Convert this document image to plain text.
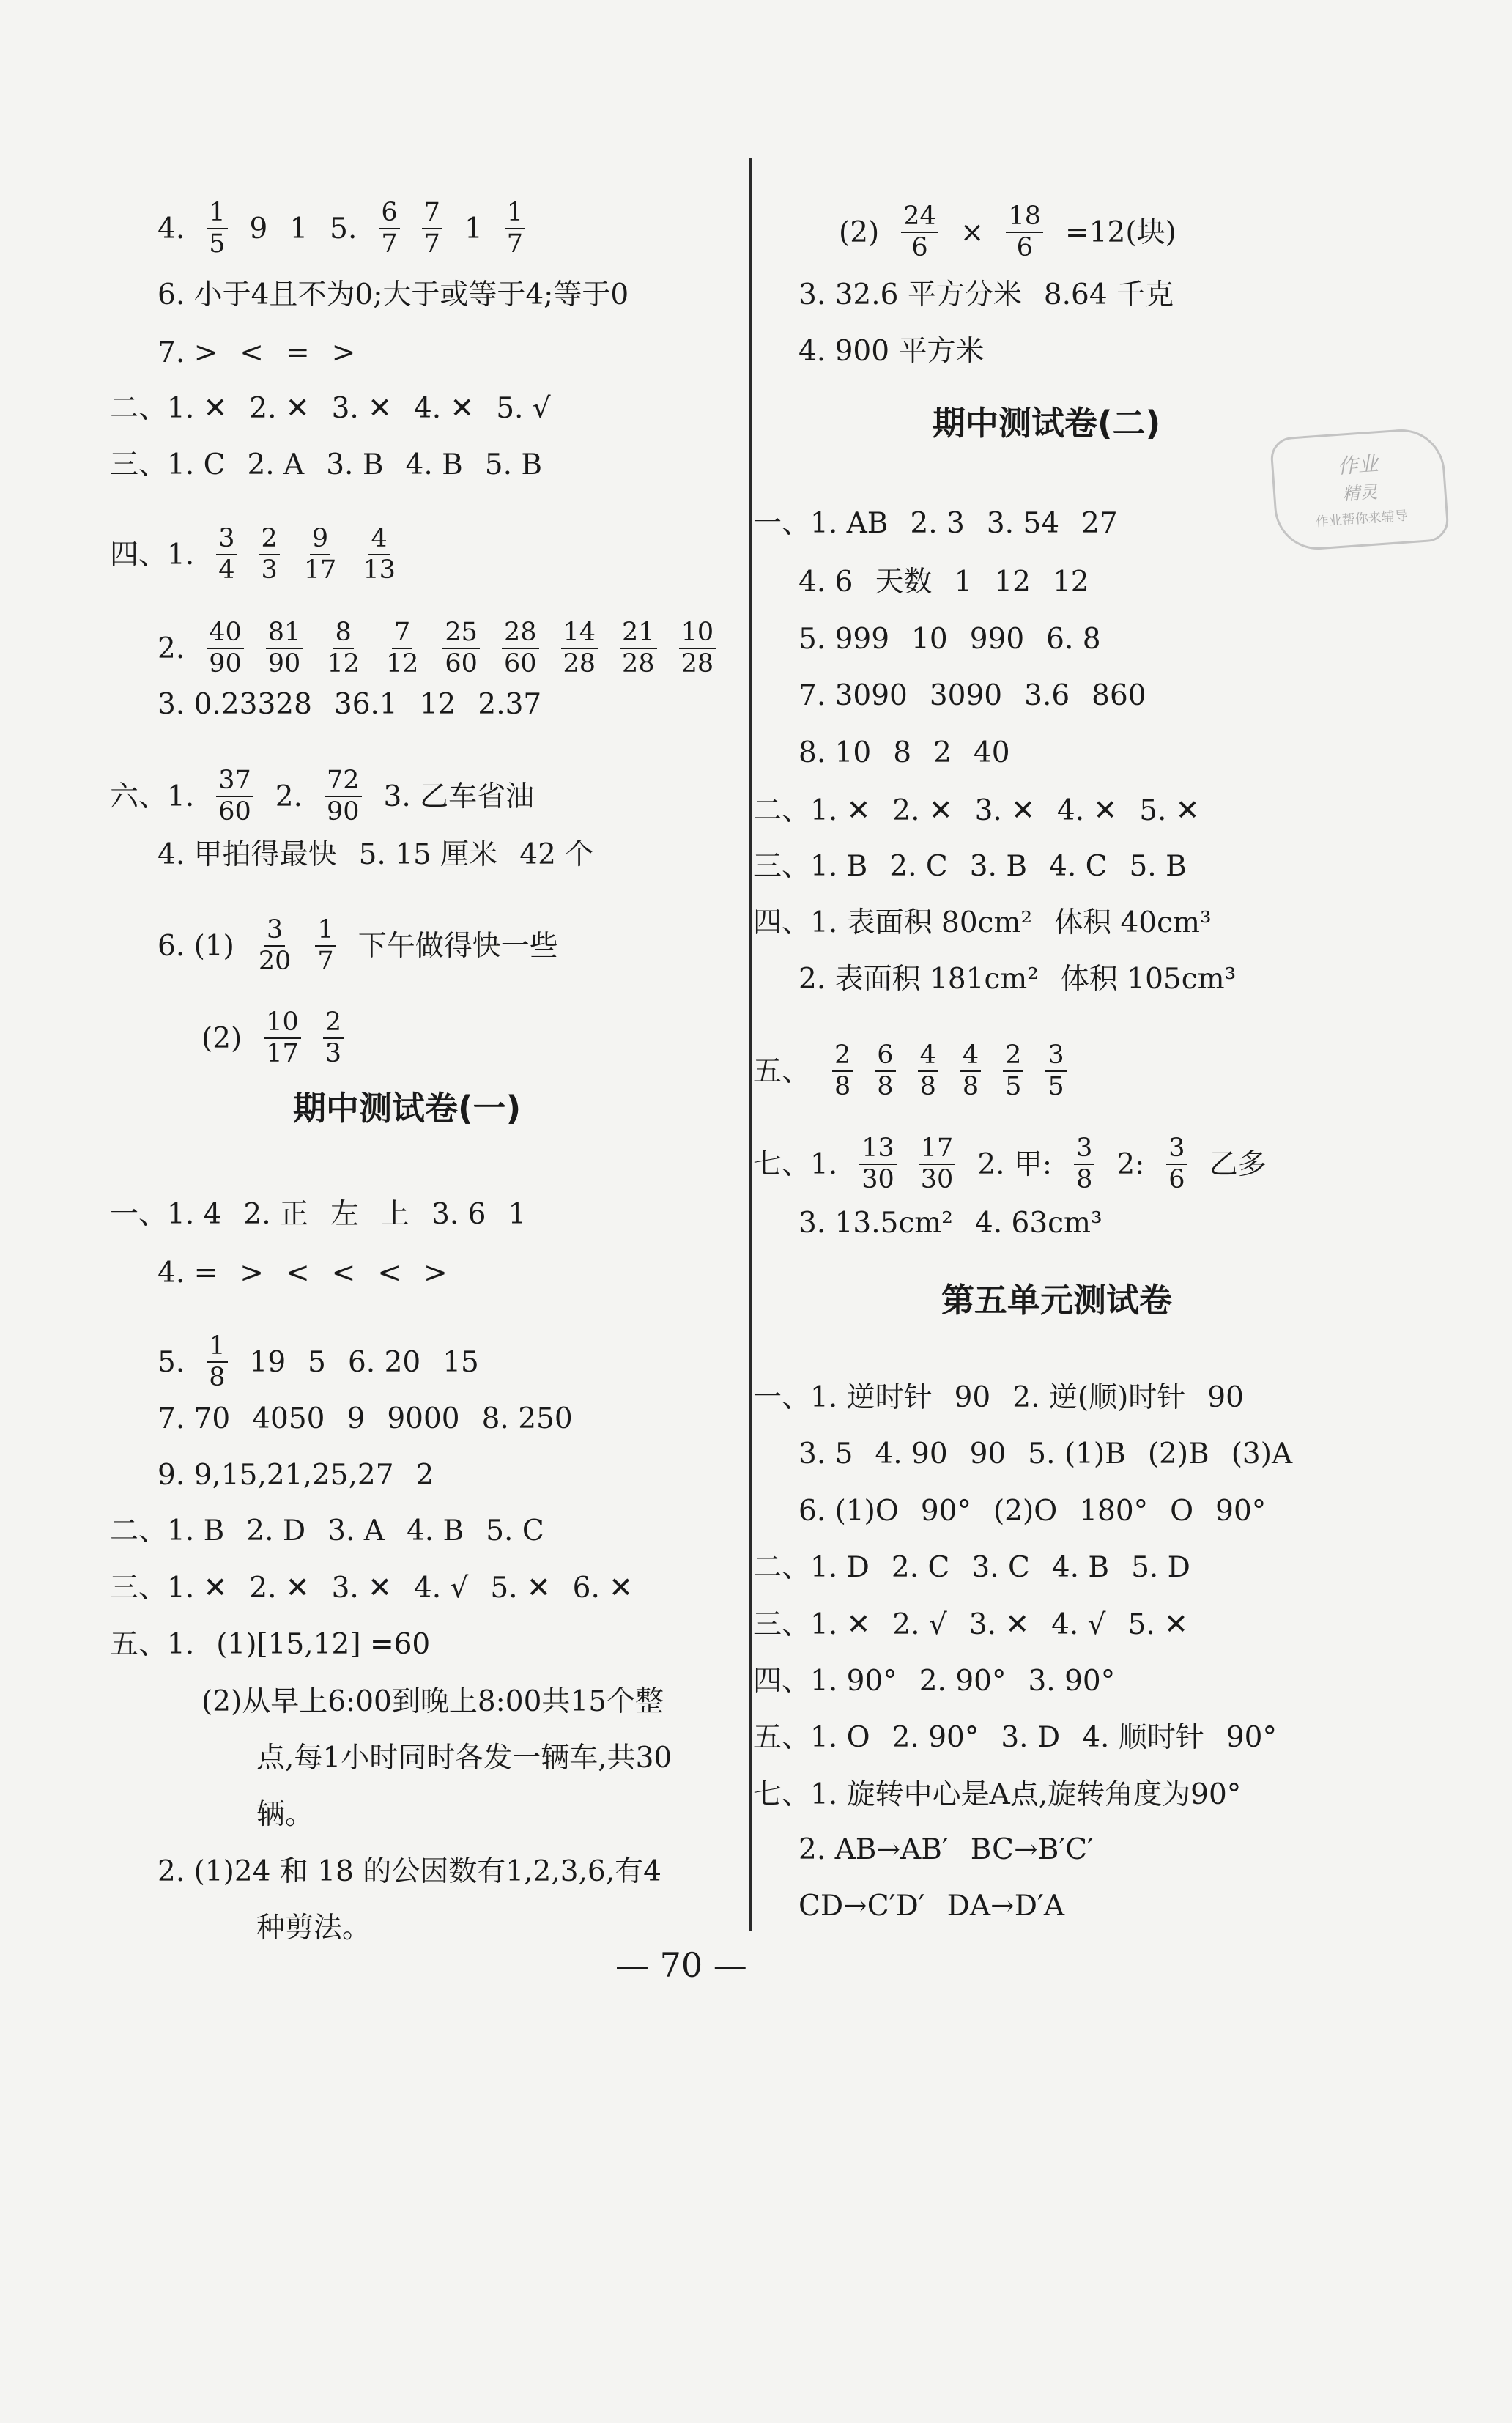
4. $\frac{1}{5} 9$ 1 5. $\frac{6}{7} \frac{7}{7} 1 \frac{1}{7}$
6. 小于4且不为0;大于或等于4;等于0
7. > < = >
二、1. ✕ 2. ✕ 3. ✕ 4. ✕ 5. √
三、1. C 2. A 3. B 4. B 5. B
四、1. $\frac{3}{4} \frac{2}{3} \frac{9}{17} \frac{4}{13}$
2. $\frac{40}{90} \frac{81}{90} \frac{8}{12} \frac{7}{12} \frac{25}{60} \frac{28}{60} \frac{14}{28} \frac{21}{28} \frac{10}{28}$
3. 0.23328 36.1 12 2.37
六、1. $\frac{37}{60} 2$. $\frac{72}{90} 3$. 乙车省油
4. 甲拍得最快 5. 15 厘米 42 个
6. $(1) \frac{3}{20} \frac{1}{7}$ 下午做得快一些
$(2) \frac{10}{17} \frac{2}{3}$
一、1. 4 2. 正 左 上 3. 6 1
4. = > < < < >
5. $\frac{1}{8} 19$ 5 6. 20 15
7. 70 4050 9 9000 8. 250
9. 9,15,21,25,27 2
二、1. B 2. D 3. A 4. B 5. C
三、1. ✕ 2. ✕ 3. ✕ 4. √ 5. ✕ 6. ✕
五、1. (1)[15,12] =60
(2)从早上6:00到晚上8:00共15个整
点,每1小时同时各发一辆车,共30
辆。
2. (1)24 和 18 的公因数有1,2,3,6,有4
种剪法。
$(2) \frac{24}{6} \times \frac{18}{6} =12$(块)
3. 32.6 平方分米 8.64 千克
4. 900 平方米
一、1. AB 2. 3 3. 54 27
4. 6 天数 1 12 12
5. 999 10 990 6. 8
7. 3090 3090 3.6 860
8. 10 8 2 40
二、1. ✕ 2. ✕ 3. ✕ 4. ✕ 5. ✕
三、1. B 2. C 3. B 4. C 5. B
四、1. 表面积 80cm² 体积 40cm³
2. 表面积 181cm² 体积 105cm³
五、 $\frac{2}{8} \frac{6}{8} \frac{4}{8} \frac{4}{8} \frac{2}{5} \frac{3}{5}$
七、1. $\frac{13}{30} \frac{17}{30} 2$. 甲: $\frac{3}{8} 2$: $\frac{3}{6}$ 乙多
3. 13.5cm² 4. 63cm³
一、1. 逆时针 90 2. 逆(顺)时针 90
3. 5 4. 90 90 5. (1)B (2)B (3)A
6. (1)O 90° (2)O 180° O 90°
二、1. D 2. C 3. C 4. B 5. D
三、1. ✕ 2. √ 3. ✕ 4. √ 5. ✕
四、1. 90° 2. 90° 3. 90°
五、1. O 2. 90° 3. D 4. 顺时针 90°
七、1. 旋转中心是A点,旋转角度为90°
2. AB→AB′ BC→B′C′
CD→C′D′ DA→D′A
期中测试卷(一)
期中测试卷(二)
第五单元测试卷
作业
精灵
作业帮你来辅导
— 70 —
